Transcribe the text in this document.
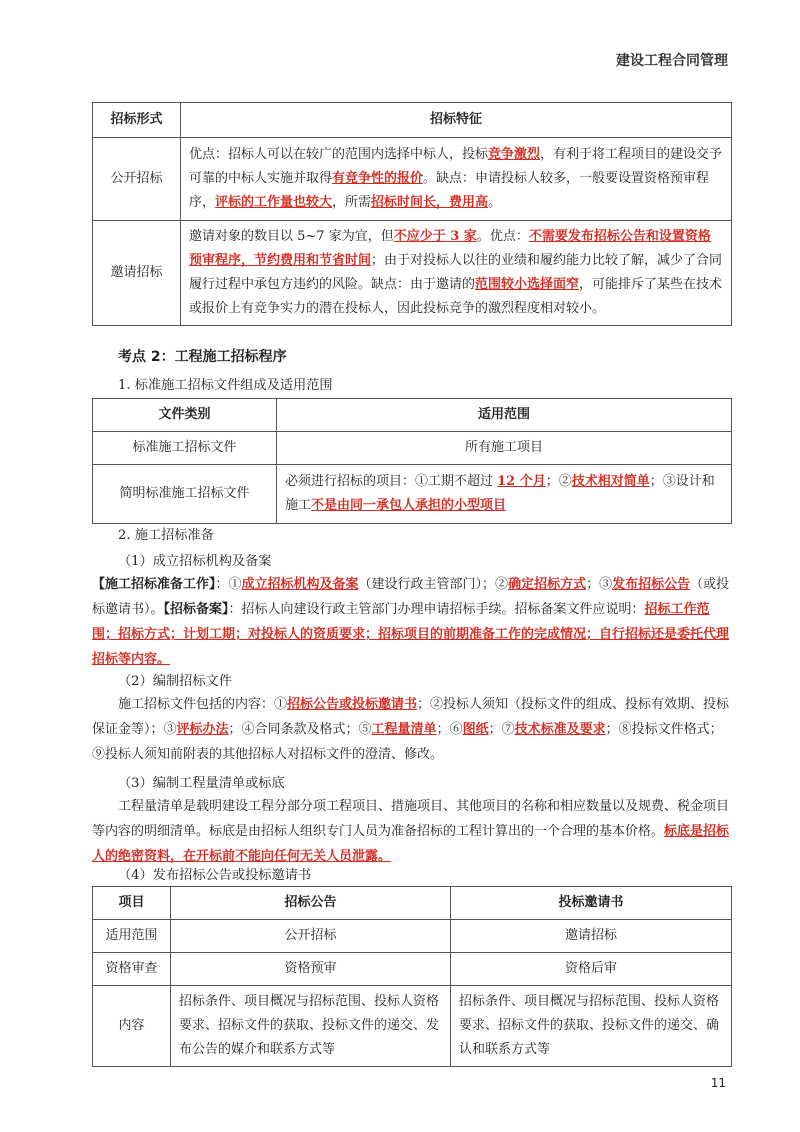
建设工程合同管理
招标形式	招标特征
公开招标	优点：招标人可以在较广的范围内选择中标人，投标竞争激烈，有利于将工程项目的建设交予可靠的中标人实施并取得有竞争性的报价。缺点：申请投标人较多，一般要设置资格预审程序，评标的工作量也较大，所需招标时间长，费用高。
邀请招标	邀请对象的数目以 5~7 家为宜，但不应少于 3 家。优点：不需要发布招标公告和设置资格预审程序，节约费用和节省时间；由于对投标人以往的业绩和履约能力比较了解，减少了合同履行过程中承包方违约的风险。缺点：由于邀请的范围较小选择面窄，可能排斥了某些在技术或报价上有竞争实力的潜在投标人，因此投标竞争的激烈程度相对较小。
考点 2：工程施工招标程序
1. 标准施工招标文件组成及适用范围
文件类别	适用范围
标准施工招标文件	所有施工项目
简明标准施工招标文件	必须进行招标的项目：①工期不超过 12 个月；②技术相对简单；③设计和施工不是由同一承包人承担的小型项目
2. 施工招标准备
（1）成立招标机构及备案
【施工招标准备工作】：①成立招标机构及备案（建设行政主管部门）；②确定招标方式；③发布招标公告（或投标邀请书）。【招标备案】：招标人向建设行政主管部门办理申请招标手续。招标备案文件应说明：招标工作范围；招标方式；计划工期；对投标人的资质要求；招标项目的前期准备工作的完成情况；自行招标还是委托代理招标等内容。
（2）编制招标文件
施工招标文件包括的内容：①招标公告或投标邀请书；②投标人须知（投标文件的组成、投标有效期、投标保证金等）；③评标办法；④合同条款及格式；⑤工程量清单；⑥图纸；⑦技术标准及要求；⑧投标文件格式；⑨投标人须知前附表的其他招标人对招标文件的澄清、修改。
（3）编制工程量清单或标底
工程量清单是载明建设工程分部分项工程项目、措施项目、其他项目的名称和相应数量以及规费、税金项目等内容的明细清单。标底是由招标人组织专门人员为准备招标的工程计算出的一个合理的基本价格。标底是招标人的绝密资料，在开标前不能向任何无关人员泄露。
（4）发布招标公告或投标邀请书
项目	招标公告	投标邀请书
适用范围	公开招标	邀请招标
资格审查	资格预审	资格后审
内容	招标条件、项目概况与招标范围、投标人资格要求、招标文件的获取、投标文件的递交、发布公告的媒介和联系方式等	招标条件、项目概况与招标范围、投标人资格要求、招标文件的获取、投标文件的递交、确认和联系方式等
11
